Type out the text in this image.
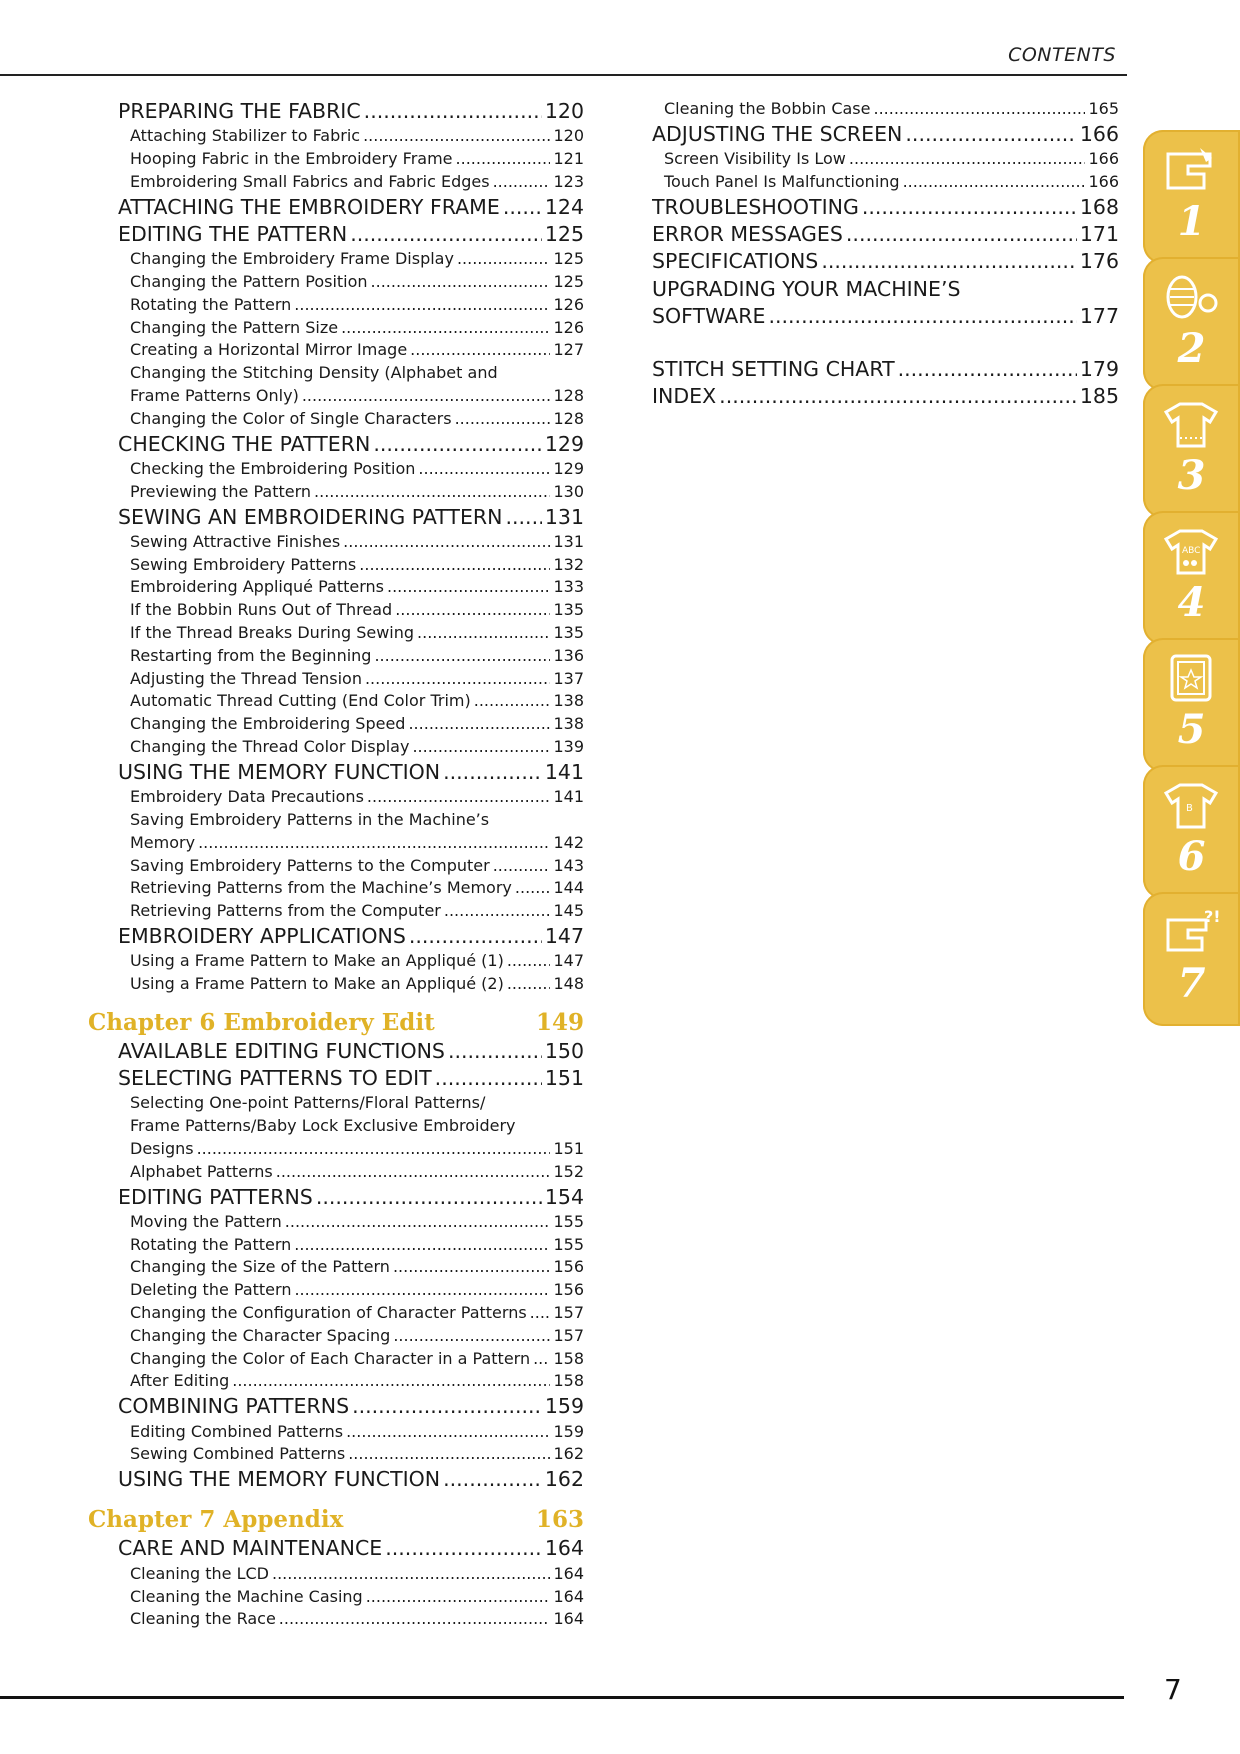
CONTENTS
PREPARING THE FABRIC .....	120
Attaching Stabilizer to Fabric .....	120
Hooping Fabric in the Embroidery Frame .....	121
Embroidering Small Fabrics and Fabric Edges .....	123
ATTACHING THE EMBROIDERY FRAME ..... 124
EDITING THE PATTERN .....	125
Changing the Embroidery Frame Display .....	125
Changing the Pattern Position .....	125
Rotating the Pattern .....	126
Changing the Pattern Size .....	126
Creating a Horizontal Mirror Image .....	127
Changing the Stitching Density (Alphabet and
Frame Patterns Only) .....	128
Changing the Color of Single Characters .....	128
CHECKING THE PATTERN .....	129
Checking the Embroidering Position .....	129
Previewing the Pattern .....	130
SEWING AN EMBROIDERING PATTERN ..... 131
Sewing Attractive Finishes .....	131
Sewing Embroidery Patterns .....	132
Embroidering Appliqué Patterns .....	133
If the Bobbin Runs Out of Thread .....	135
If the Thread Breaks During Sewing .....	135
Restarting from the Beginning .....	136
Adjusting the Thread Tension .....	137
Automatic Thread Cutting (End Color Trim) .....	138
Changing the Embroidering Speed .....	138
Changing the Thread Color Display .....	139
USING THE MEMORY FUNCTION .....	141
Embroidery Data Precautions .....	141
Saving Embroidery Patterns in the Machine’s
Memory .....	142
Saving Embroidery Patterns to the Computer .....	143
Retrieving Patterns from the Machine’s Memory .....	144
Retrieving Patterns from the Computer .....	145
EMBROIDERY APPLICATIONS .....	147
Using a Frame Pattern to Make an Appliqué (1) .....	147
Using a Frame Pattern to Make an Appliqué (2) .....	148
Chapter 6 Embroidery Edit	149
AVAILABLE EDITING FUNCTIONS .....	150
SELECTING PATTERNS TO EDIT .....	151
Selecting One-point Patterns/Floral Patterns/
Frame Patterns/Baby Lock Exclusive Embroidery
Designs .....	151
Alphabet Patterns .....	152
EDITING PATTERNS .....	154
Moving the Pattern .....	155
Rotating the Pattern .....	155
Changing the Size of the Pattern .....	156
Deleting the Pattern .....	156
Changing the Configuration of Character Patterns ..... 157
Changing the Character Spacing .....	157
Changing the Color of Each Character in a Pattern ..... 158
After Editing .....	158
COMBINING PATTERNS .....	159
Editing Combined Patterns .....	159
Sewing Combined Patterns .....	162
USING THE MEMORY FUNCTION .....	162
Chapter 7 Appendix	163
CARE AND MAINTENANCE .....	164
Cleaning the LCD .....	164
Cleaning the Machine Casing .....	164
Cleaning the Race .....	164
Cleaning the Bobbin Case .....	165
ADJUSTING THE SCREEN .....	166
Screen Visibility Is Low .....	166
Touch Panel Is Malfunctioning .....	166
TROUBLESHOOTING .....	168
ERROR MESSAGES .....	171
SPECIFICATIONS .....	176
UPGRADING YOUR MACHINE’S
SOFTWARE .....	177
STITCH SETTING CHART .....	179
INDEX .....	185
1
2
3
ABC
4
5
B
6
?!
7
7
